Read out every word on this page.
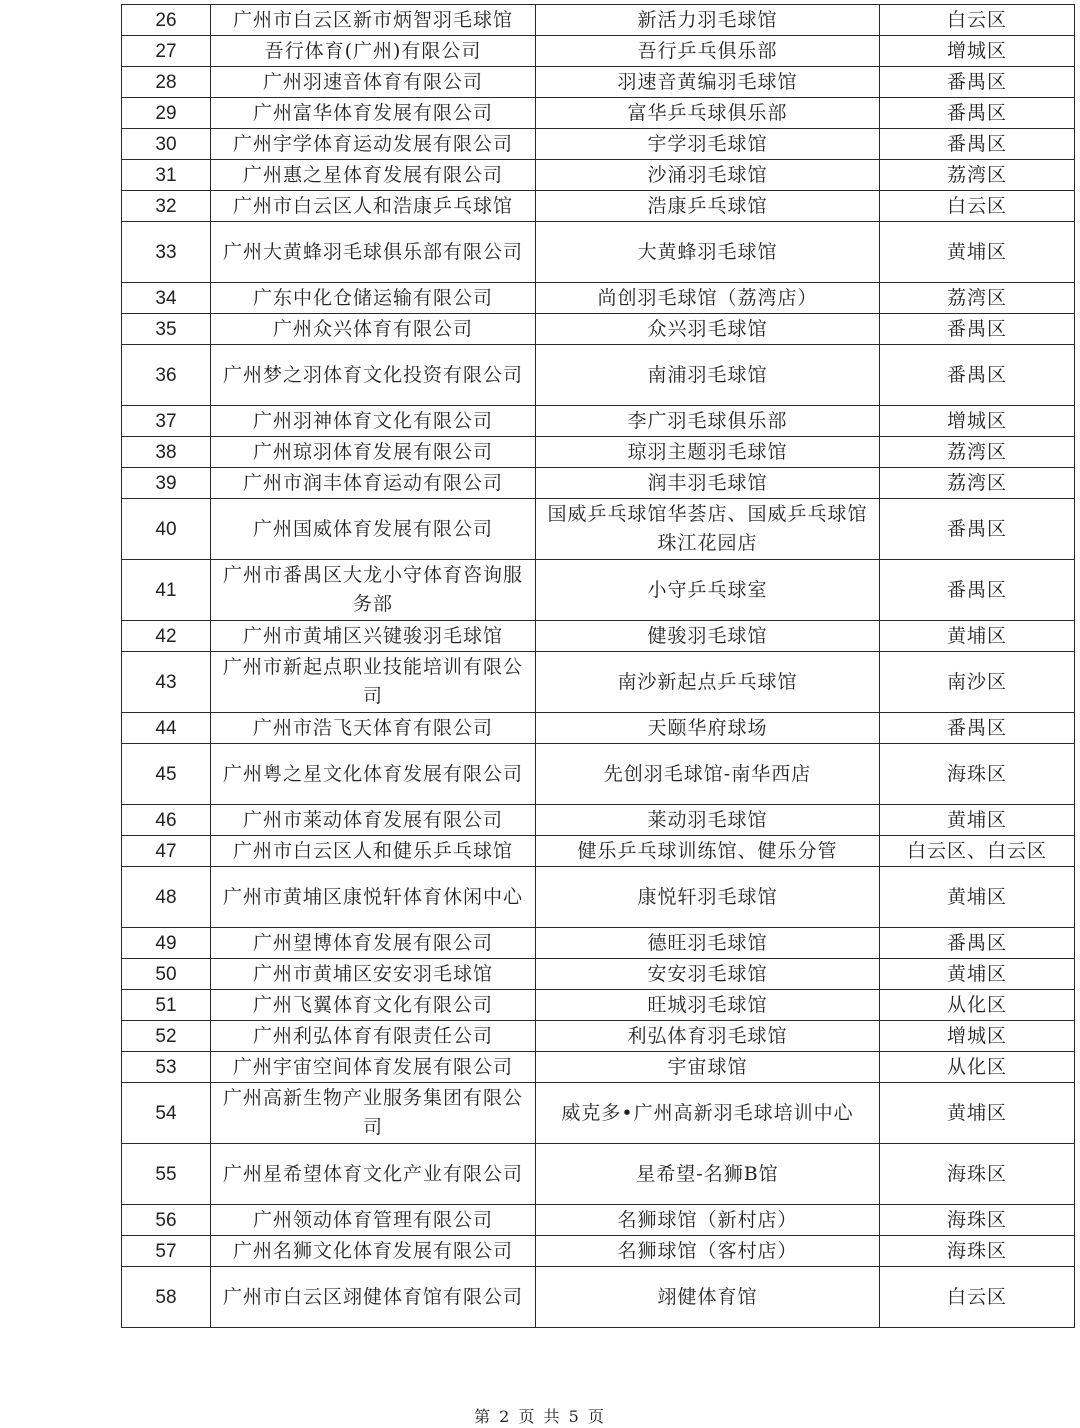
26	广州市白云区新市炳智羽毛球馆	新活力羽毛球馆	白云区
27	吾行体育(广州)有限公司	吾行乒乓俱乐部	增城区
28	广州羽速音体育有限公司	羽速音黄编羽毛球馆	番禺区
29	广州富华体育发展有限公司	富华乒乓球俱乐部	番禺区
30	广州宇学体育运动发展有限公司	宇学羽毛球馆	番禺区
31	广州惠之星体育发展有限公司	沙涌羽毛球馆	荔湾区
32	广州市白云区人和浩康乒乓球馆	浩康乒乓球馆	白云区
33	广州大黄蜂羽毛球俱乐部有限公司	大黄蜂羽毛球馆	黄埔区
34	广东中化仓储运输有限公司	尚创羽毛球馆（荔湾店）	荔湾区
35	广州众兴体育有限公司	众兴羽毛球馆	番禺区
36	广州梦之羽体育文化投资有限公司	南浦羽毛球馆	番禺区
37	广州羽神体育文化有限公司	李广羽毛球俱乐部	增城区
38	广州琼羽体育发展有限公司	琼羽主题羽毛球馆	荔湾区
39	广州市润丰体育运动有限公司	润丰羽毛球馆	荔湾区
40	广州国威体育发展有限公司	国威乒乓球馆华荟店、国威乒乓球馆珠江花园店	番禺区
41	广州市番禺区大龙小守体育咨询服务部	小守乒乓球室	番禺区
42	广州市黄埔区兴键骏羽毛球馆	健骏羽毛球馆	黄埔区
43	广州市新起点职业技能培训有限公司	南沙新起点乒乓球馆	南沙区
44	广州市浩飞天体育有限公司	天颐华府球场	番禺区
45	广州粤之星文化体育发展有限公司	先创羽毛球馆-南华西店	海珠区
46	广州市莱动体育发展有限公司	莱动羽毛球馆	黄埔区
47	广州市白云区人和健乐乒乓球馆	健乐乒乓球训练馆、健乐分管	白云区、白云区
48	广州市黄埔区康悦轩体育休闲中心	康悦轩羽毛球馆	黄埔区
49	广州望博体育发展有限公司	德旺羽毛球馆	番禺区
50	广州市黄埔区安安羽毛球馆	安安羽毛球馆	黄埔区
51	广州飞翼体育文化有限公司	旺城羽毛球馆	从化区
52	广州利弘体育有限责任公司	利弘体育羽毛球馆	增城区
53	广州宇宙空间体育发展有限公司	宇宙球馆	从化区
54	广州高新生物产业服务集团有限公司	威克多•广州高新羽毛球培训中心	黄埔区
55	广州星希望体育文化产业有限公司	星希望-名狮B馆	海珠区
56	广州领动体育管理有限公司	名狮球馆（新村店）	海珠区
57	广州名狮文化体育发展有限公司	名狮球馆（客村店）	海珠区
58	广州市白云区翊健体育馆有限公司	翊健体育馆	白云区
第 2 页 共 5 页
